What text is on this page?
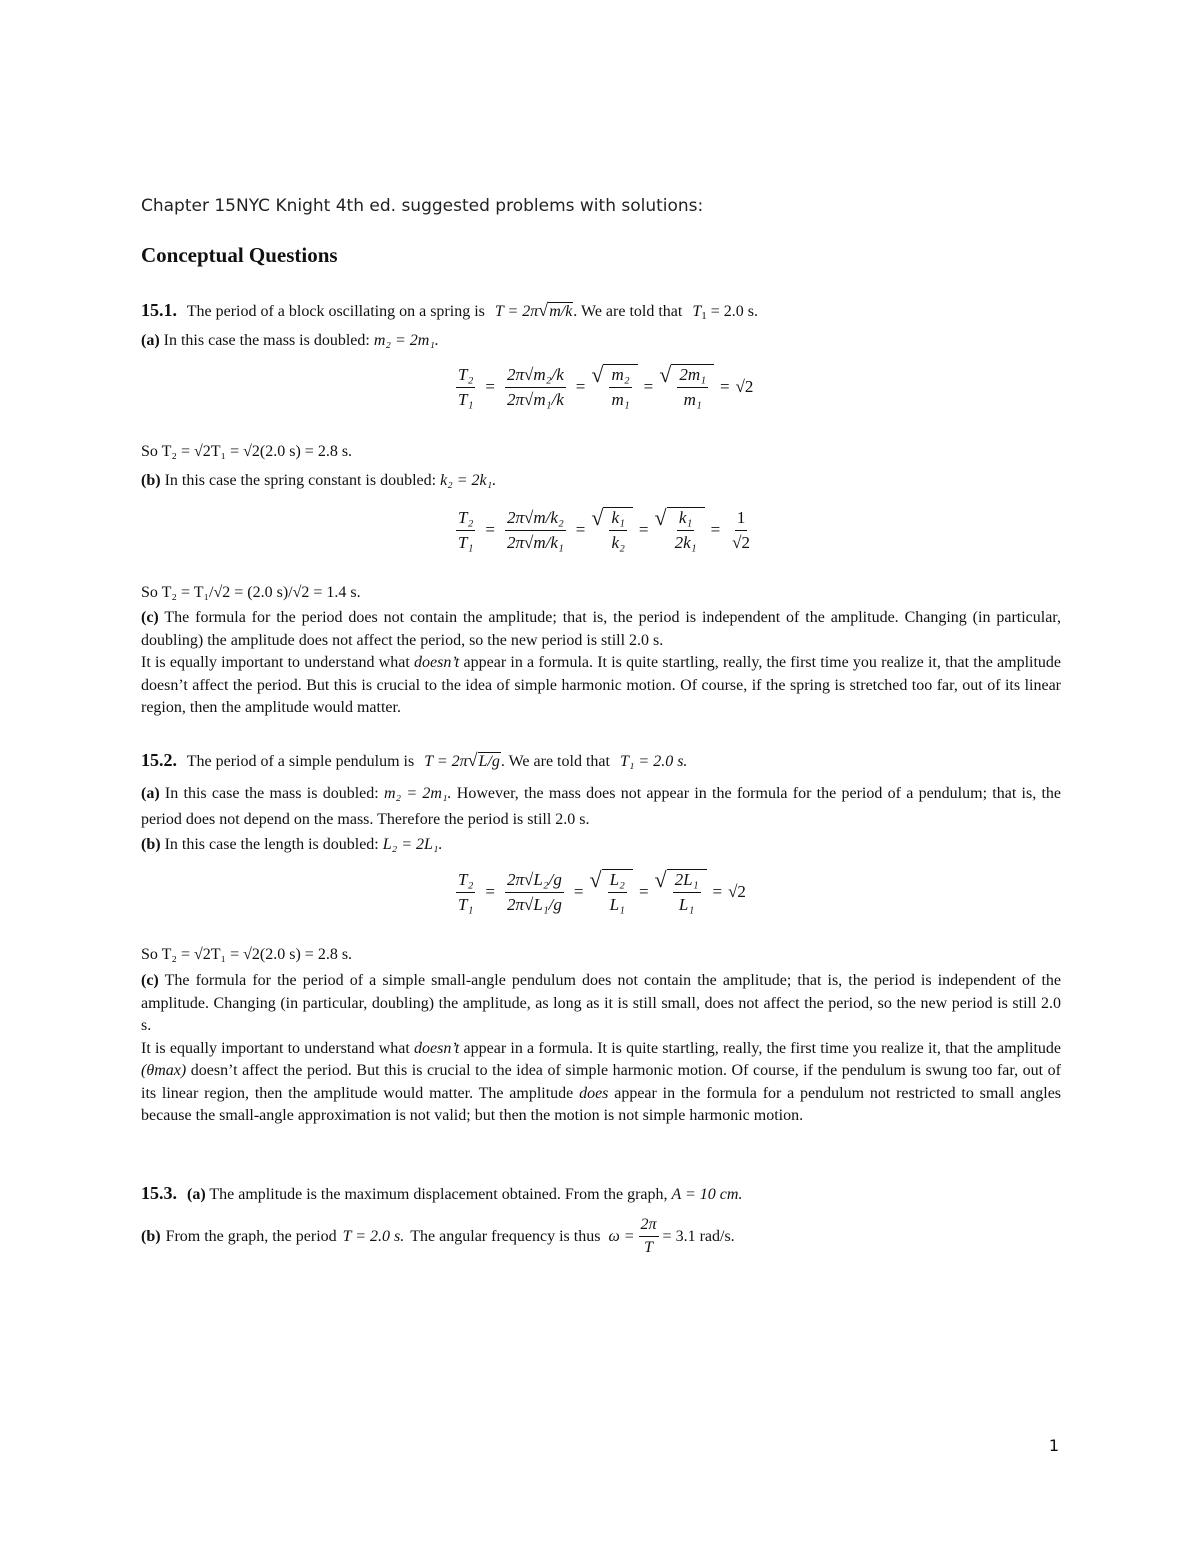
Chapter 15NYC Knight 4th ed. suggested problems with solutions:
Conceptual Questions
15.1. The period of a block oscillating on a spring is T = 2π√m/k. We are told that $T_1 = 2.0$ s.
(a) In this case the mass is doubled: m₂ = 2m₁.
$\frac{\text{T₂}}{\text{T₁}} = \frac{\text{2π√m₂/k}}{\text{2π√m₁/k}}$ = √ $\frac{\text{m₂}}{\text{m₁}}$ = √ $\frac{\text{2m₁}}{\text{m₁}} = √2$
So T₂ = √2T₁ = √2(2.0 s) = 2.8 s.
(b) In this case the spring constant is doubled: k₂ = 2k₁.
$\frac{\text{T₂}}{\text{T₁}} = \frac{\text{2π√m/k₂}}{\text{2π√m/k₁}}$ = √ $\frac{\text{k₁}}{\text{k₂}}$ = √ $\frac{\text{k₁}}{\text{2k₁}} = \frac{1}{√2}$
So T₂ = T₁/√2 = (2.0 s)/√2 = 1.4 s.
(c) The formula for the period does not contain the amplitude; that is, the period is independent of the amplitude. Changing (in particular, doubling) the amplitude does not affect the period, so the new period is still 2.0 s.
It is equally important to understand what doesn’t appear in a formula. It is quite startling, really, the first time you realize it, that the amplitude doesn’t affect the period. But this is crucial to the idea of simple harmonic motion. Of course, if the spring is stretched too far, out of its linear region, then the amplitude would matter.
15.2. The period of a simple pendulum is T = 2π√L/g. We are told that T₁ = 2.0 s.
(a) In this case the mass is doubled: m₂ = 2m₁. However, the mass does not appear in the formula for the period of a pendulum; that is, the period does not depend on the mass. Therefore the period is still 2.0 s.
(b) In this case the length is doubled: L₂ = 2L₁.
$\frac{\text{T₂}}{\text{T₁}} = \frac{\text{2π√L₂/g}}{\text{2π√L₁/g}}$ = √ $\frac{\text{L₂}}{\text{L₁}}$ = √ $\frac{\text{2L₁}}{\text{L₁}} = √2$
So T₂ = √2T₁ = √2(2.0 s) = 2.8 s.
(c) The formula for the period of a simple small-angle pendulum does not contain the amplitude; that is, the period is independent of the amplitude. Changing (in particular, doubling) the amplitude, as long as it is still small, does not affect the period, so the new period is still 2.0 s.
It is equally important to understand what doesn’t appear in a formula. It is quite startling, really, the first time you realize it, that the amplitude (θmax) doesn’t affect the period. But this is crucial to the idea of simple harmonic motion. Of course, if the pendulum is swung too far, out of its linear region, then the amplitude would matter. The amplitude does appear in the formula for a pendulum not restricted to small angles because the small-angle approximation is not valid; but then the motion is not simple harmonic motion.
15.3. (a) The amplitude is the maximum displacement obtained. From the graph, A = 10 cm.
(b) From the graph, the period T = 2.0 s. The angular frequency is thus $\omega = \frac{2\pi}{T} = 3.1$ rad/s.
1
